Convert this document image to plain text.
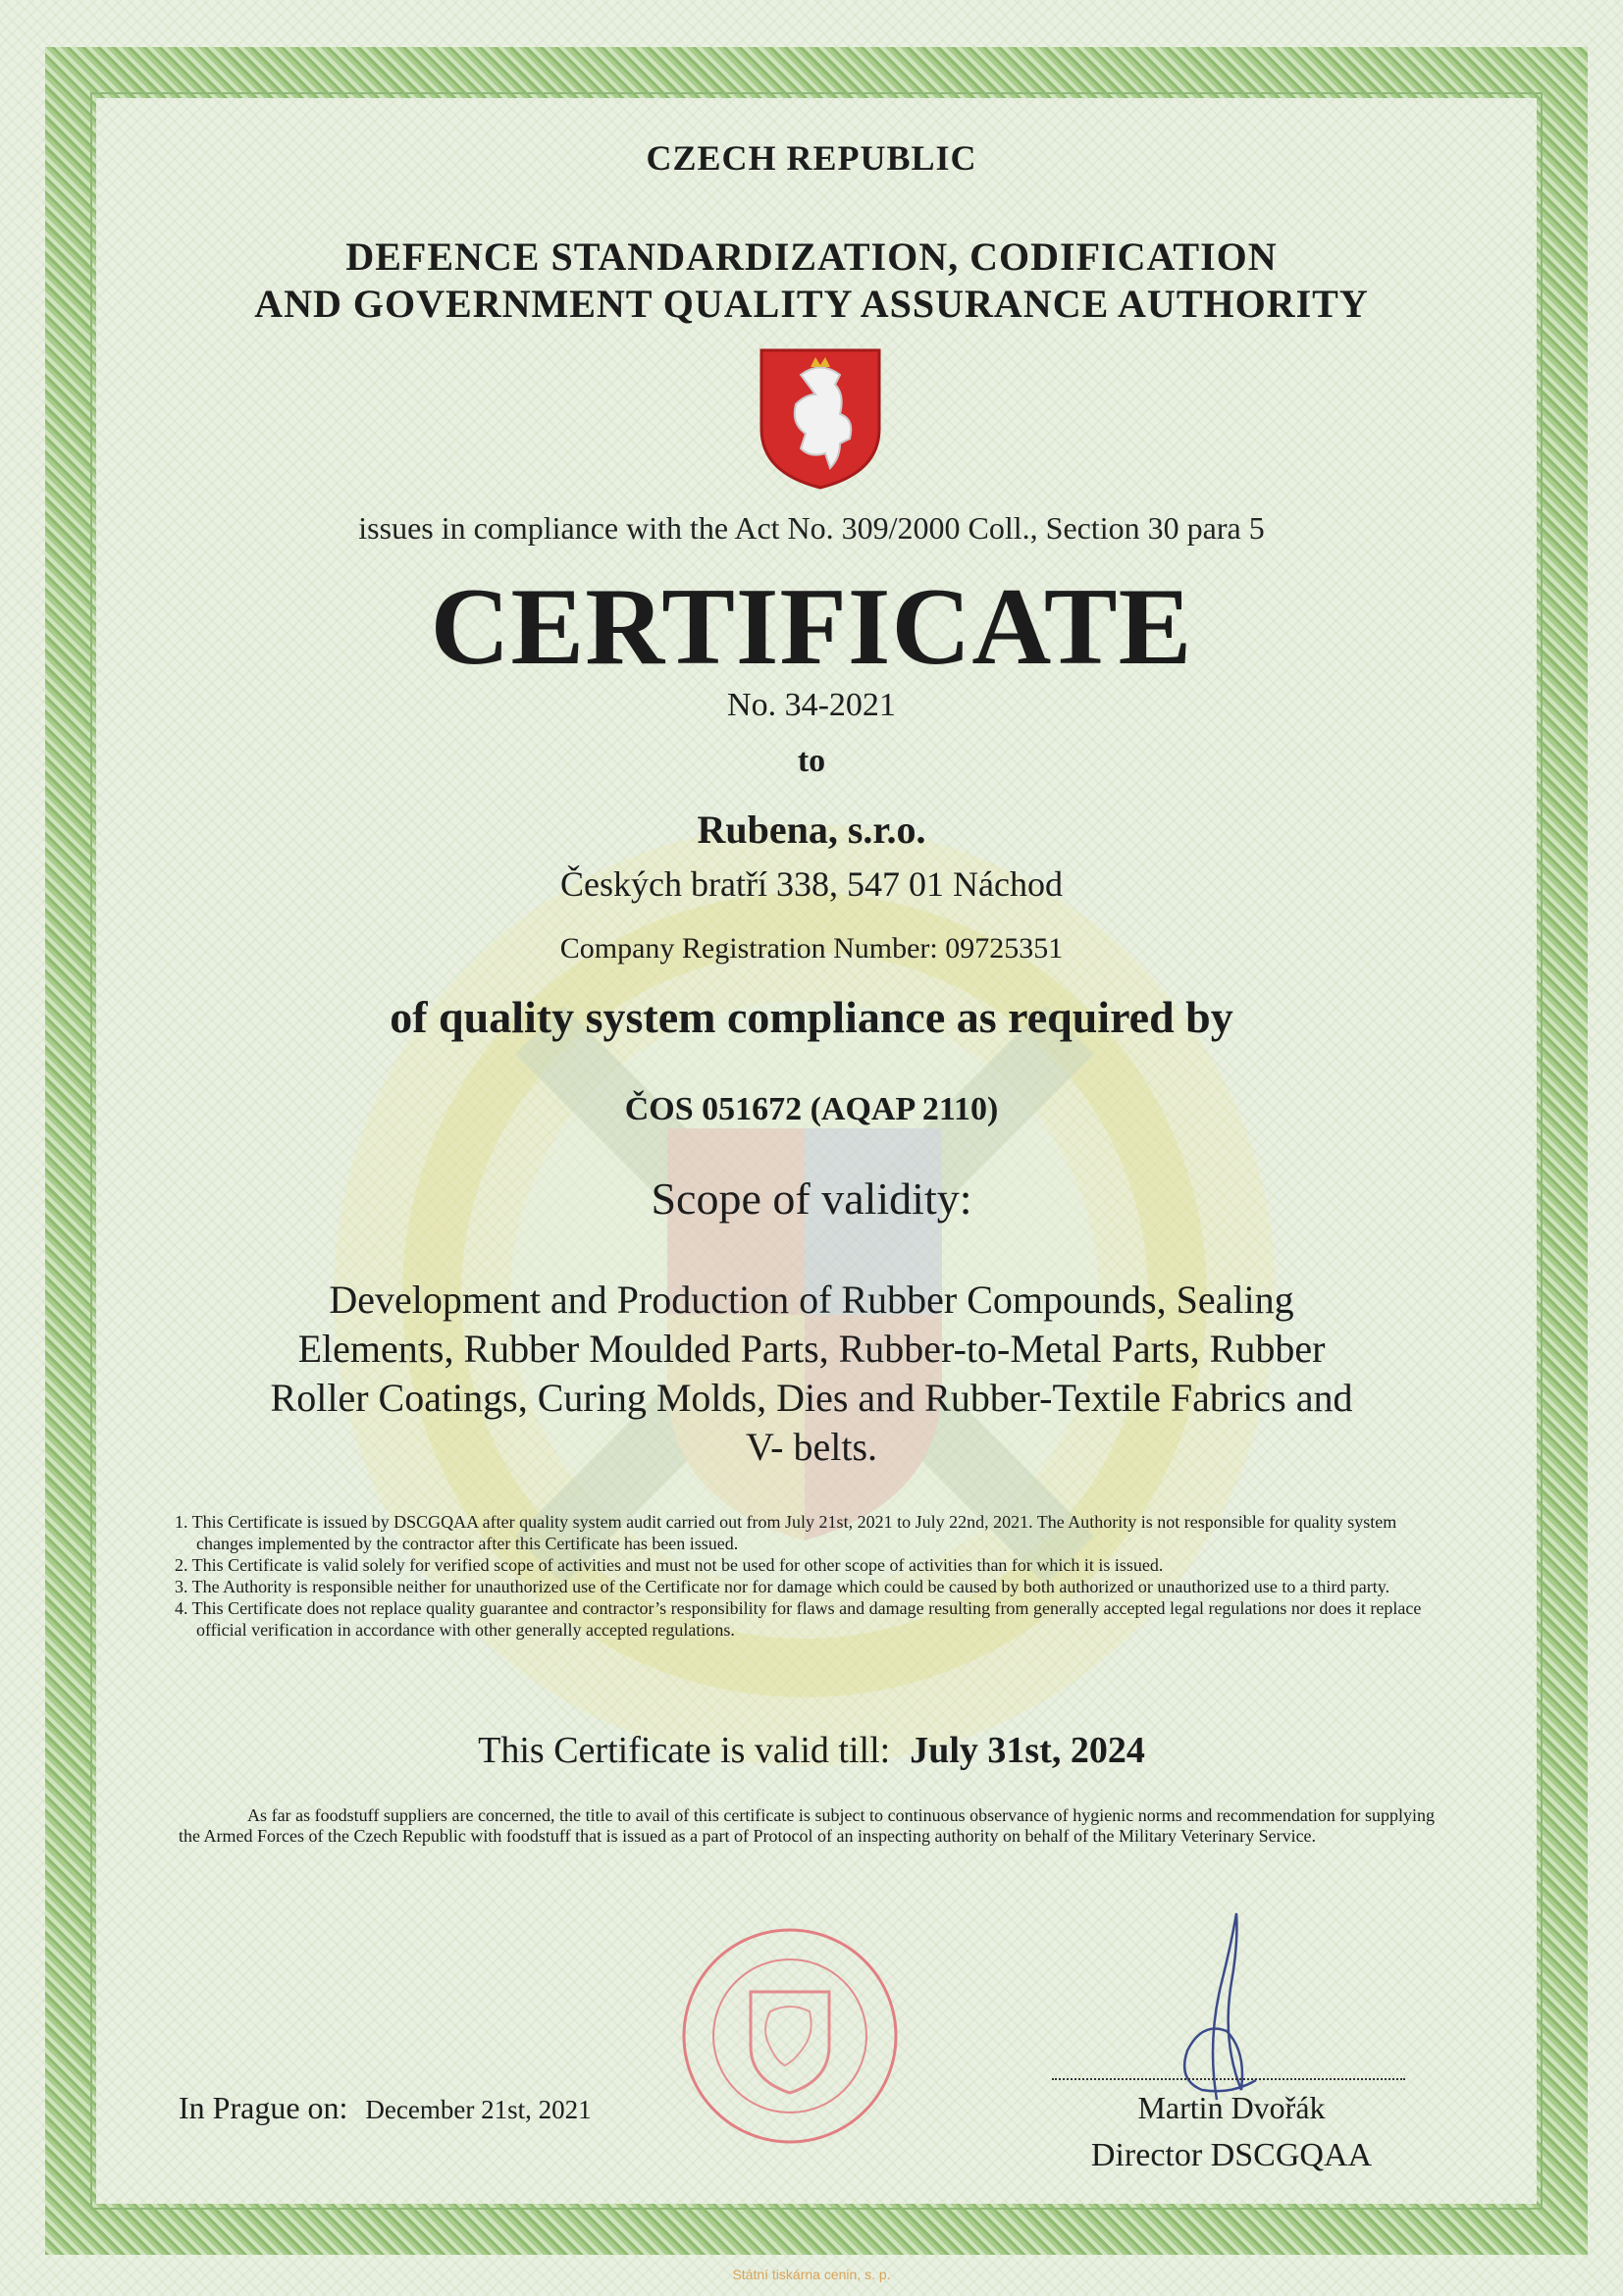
CZECH REPUBLIC
DEFENCE STANDARDIZATION, CODIFICATION
AND GOVERNMENT QUALITY ASSURANCE AUTHORITY
issues in compliance with the Act No. 309/2000 Coll., Section 30 para 5
CERTIFICATE
No. 34-2021
to
Rubena, s.r.o.
Českých bratří 338, 547 01 Náchod
Company Registration Number: 09725351
of quality system compliance as required by
ČOS 051672 (AQAP 2110)
Scope of validity:
Development and Production of Rubber Compounds, Sealing
Elements, Rubber Moulded Parts, Rubber-to-Metal Parts, Rubber
Roller Coatings, Curing Molds, Dies and Rubber-Textile Fabrics and
V- belts.
1. This Certificate is issued by DSCGQAA after quality system audit carried out from July 21st, 2021 to July 22nd, 2021. The Authority is not responsible for quality system changes implemented by the contractor after this Certificate has been issued.
2. This Certificate is valid solely for verified scope of activities and must not be used for other scope of activities than for which it is issued.
3. The Authority is responsible neither for unauthorized use of the Certificate nor for damage which could be caused by both authorized or unauthorized use to a third party.
4. This Certificate does not replace quality guarantee and contractor’s responsibility for flaws and damage resulting from generally accepted legal regulations nor does it replace official verification in accordance with other generally accepted regulations.
This Certificate is valid till: July 31st, 2024
As far as foodstuff suppliers are concerned, the title to avail of this certificate is subject to continuous observance of hygienic norms and recommendation for supplying the Armed Forces of the Czech Republic with foodstuff that is issued as a part of Protocol of an inspecting authority on behalf of the Military Veterinary Service.
In Prague on: December 21st, 2021	Martin Dvořák
Director DSCGQAA
Státní tiskárna cenin, s. p.
